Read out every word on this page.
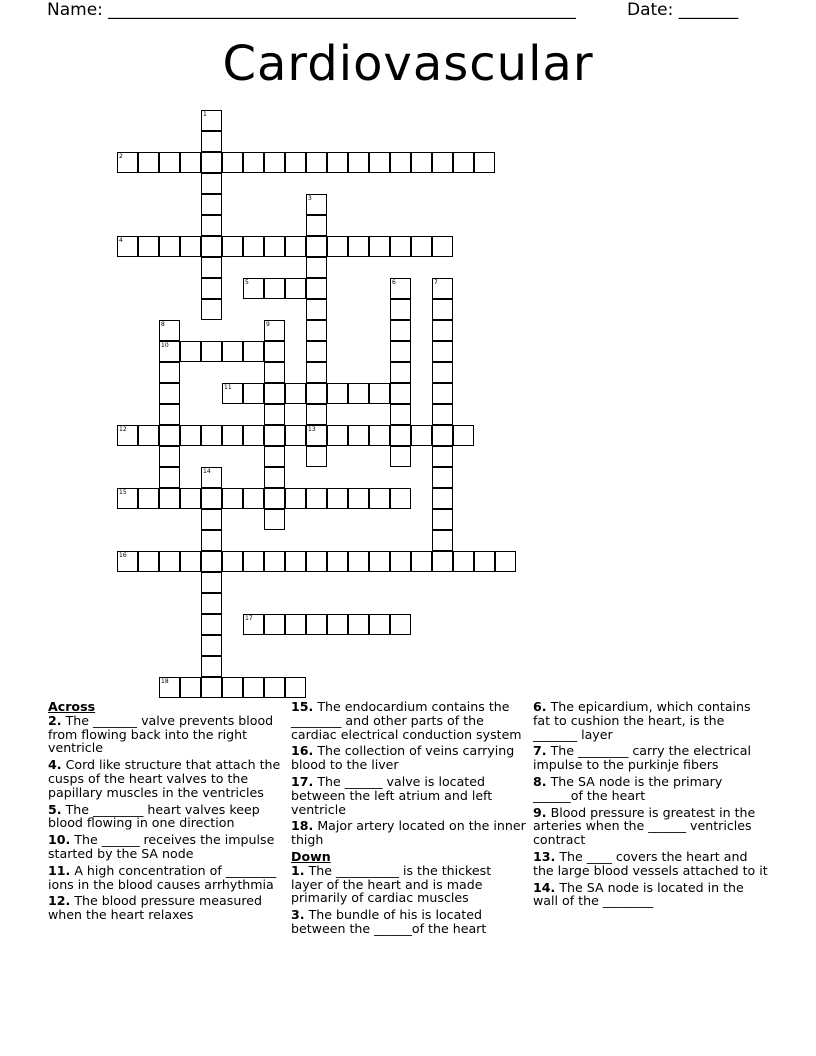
Name: _______________________________________________________	Date: _______
Cardiovascular
1
2
3
13
4
5	6	7
8
10
9
11
12
14
15
16
17
18
Across
2. The _______ valve prevents blood from flowing back into the right ventricle
4. Cord like structure that attach the cusps of the heart valves to the papillary muscles in the ventricles
5. The ________ heart valves keep blood flowing in one direction
10. The ______ receives the impulse started by the SA node
11. A high concentration of ________ ions in the blood causes arrhythmia
12. The blood pressure measured when the heart relaxes
15. The endocardium contains the ________ and other parts of the cardiac electrical conduction system
16. The collection of veins carrying blood to the liver
17. The ______ valve is located between the left atrium and left ventricle
18. Major artery located on the inner thigh
Down
1. The __________ is the thickest layer of the heart and is made primarily of cardiac muscles
3. The bundle of his is located between the ______of the heart
6. The epicardium, which contains fat to cushion the heart, is the _______ layer
7. The ________ carry the electrical impulse to the purkinje fibers
8. The SA node is the primary ______of the heart
9. Blood pressure is greatest in the arteries when the ______ ventricles contract
13. The ____ covers the heart and the large blood vessels attached to it
14. The SA node is located in the wall of the ________
